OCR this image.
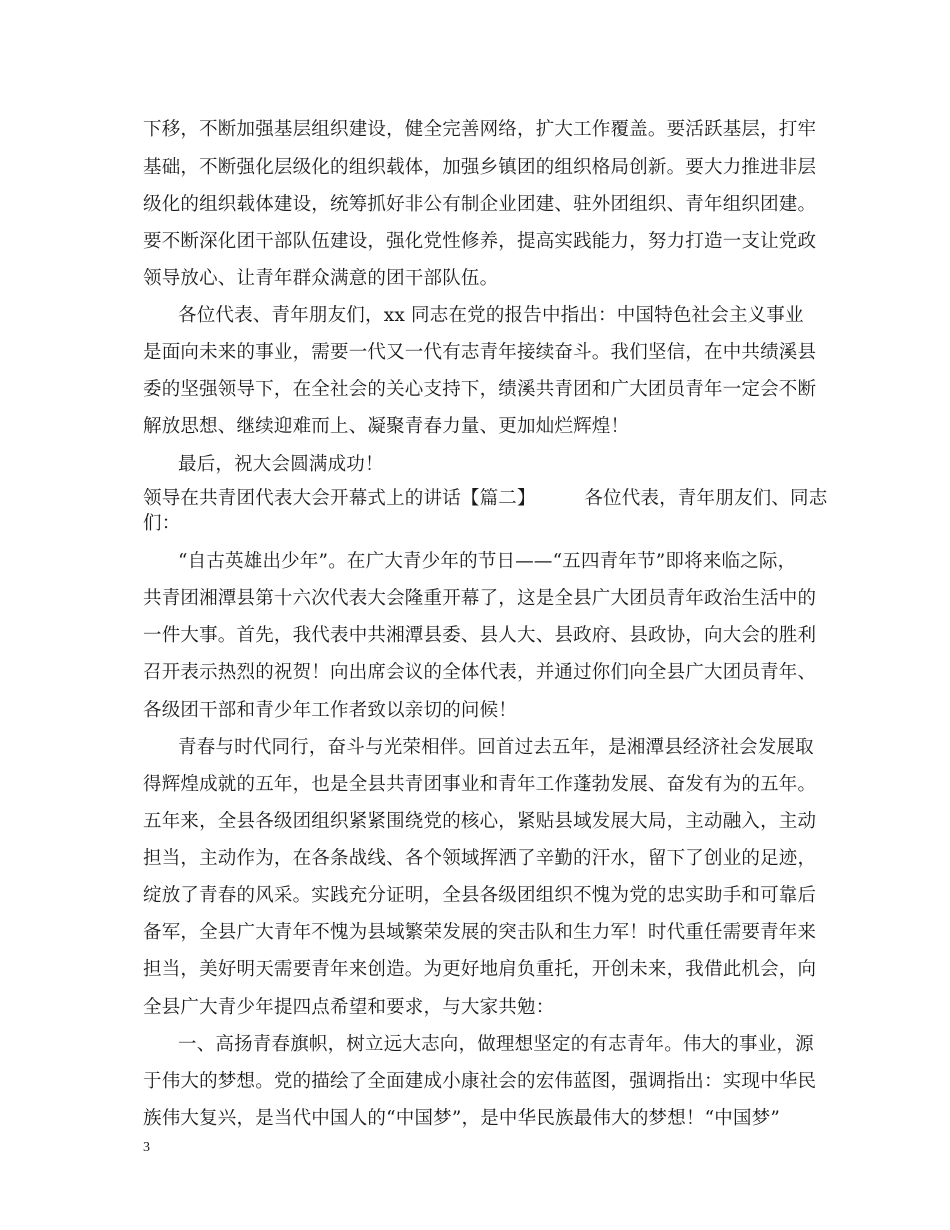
下移，不断加强基层组织建设，健全完善网络，扩大工作覆盖。要活跃基层，打牢
基础，不断强化层级化的组织载体，加强乡镇团的组织格局创新。要大力推进非层
级化的组织载体建设，统筹抓好非公有制企业团建、驻外团组织、青年组织团建。
要不断深化团干部队伍建设，强化党性修养，提高实践能力，努力打造一支让党政
领导放心、让青年群众满意的团干部队伍。
各位代表、青年朋友们，xx 同志在党的报告中指出：中国特色社会主义事业
是面向未来的事业，需要一代又一代有志青年接续奋斗。我们坚信，在中共绩溪县
委的坚强领导下，在全社会的关心支持下，绩溪共青团和广大团员青年一定会不断
解放思想、继续迎难而上、凝聚青春力量、更加灿烂辉煌！
最后，祝大会圆满成功！
领导在共青团代表大会开幕式上的讲话【篇二】        各位代表，青年朋友们、同志
们：
“自古英雄出少年”。在广大青少年的节日——“五四青年节”即将来临之际，
共青团湘潭县第十六次代表大会隆重开幕了，这是全县广大团员青年政治生活中的
一件大事。首先，我代表中共湘潭县委、县人大、县政府、县政协，向大会的胜利
召开表示热烈的祝贺！向出席会议的全体代表，并通过你们向全县广大团员青年、
各级团干部和青少年工作者致以亲切的问候！
青春与时代同行，奋斗与光荣相伴。回首过去五年，是湘潭县经济社会发展取
得辉煌成就的五年，也是全县共青团事业和青年工作蓬勃发展、奋发有为的五年。
五年来，全县各级团组织紧紧围绕党的核心，紧贴县域发展大局，主动融入，主动
担当，主动作为，在各条战线、各个领域挥洒了辛勤的汗水，留下了创业的足迹，
绽放了青春的风采。实践充分证明，全县各级团组织不愧为党的忠实助手和可靠后
备军，全县广大青年不愧为县域繁荣发展的突击队和生力军！时代重任需要青年来
担当，美好明天需要青年来创造。为更好地肩负重托，开创未来，我借此机会，向
全县广大青少年提四点希望和要求，与大家共勉：
一、高扬青春旗帜，树立远大志向，做理想坚定的有志青年。伟大的事业，源
于伟大的梦想。党的描绘了全面建成小康社会的宏伟蓝图，强调指出：实现中华民
族伟大复兴，是当代中国人的“中国梦”，是中华民族最伟大的梦想！“中国梦”
3
